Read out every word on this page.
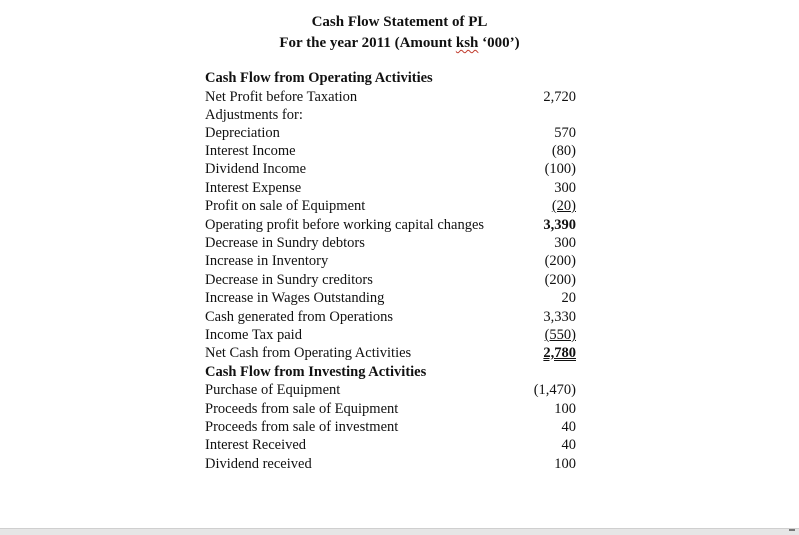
Cash Flow Statement of PL
For the year 2011 (Amount ksh ‘000’)
Cash Flow from Operating Activities
Net Profit before Taxation	2,720
Adjustments for:
Depreciation	570
Interest Income	(80)
Dividend Income	(100)
Interest Expense	300
Profit on sale of Equipment	(20)
Operating profit before working capital changes	3,390
Decrease in Sundry debtors	300
Increase in Inventory	(200)
Decrease in Sundry creditors	(200)
Increase in Wages Outstanding	20
Cash generated from Operations	3,330
Income Tax paid	(550)
Net Cash from Operating Activities	2,780
Cash Flow from Investing Activities
Purchase of Equipment	(1,470)
Proceeds from sale of Equipment	100
Proceeds from sale of investment	40
Interest Received	40
Dividend received	100
